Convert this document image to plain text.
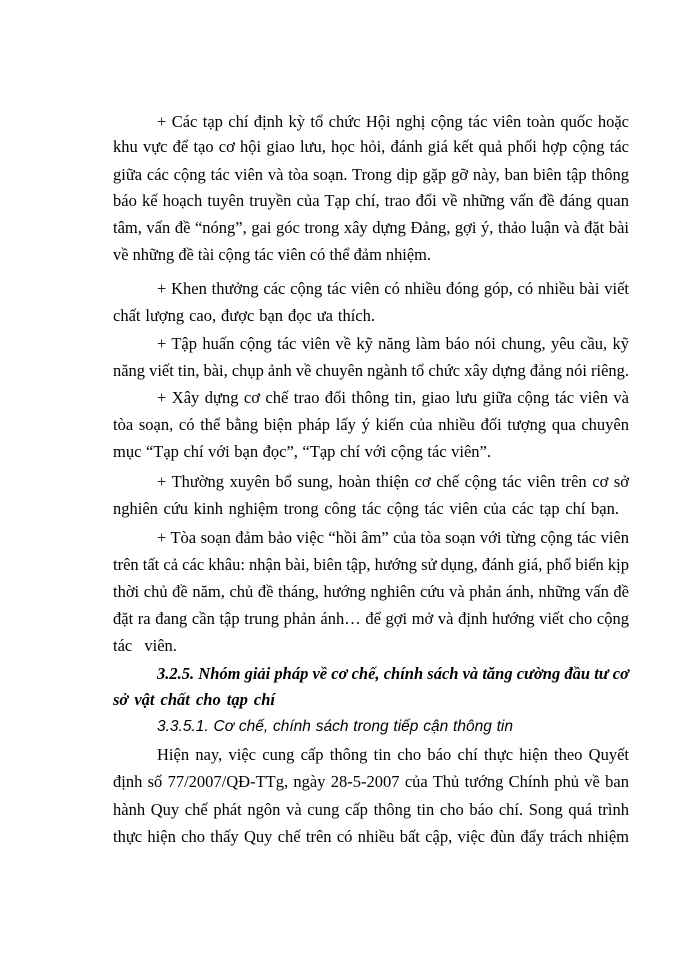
+ Các tạp chí định kỳ tổ chức Hội nghị cộng tác viên toàn quốc hoặc
khu vực để tạo cơ hội giao lưu, học hỏi, đánh giá kết quả phối hợp cộng tác
giữa các cộng tác viên và tòa soạn. Trong dịp gặp gỡ này, ban biên tập thông
báo kế hoạch tuyên truyền của Tạp chí, trao đổi về những vấn đề đáng quan
tâm, vấn đề “nóng”, gai góc trong xây dựng Đảng, gợi ý, thảo luận và đặt bài
về những đề tài cộng tác viên có thể đảm nhiệm.
+ Khen thưởng các cộng tác viên có nhiều đóng góp, có nhiều bài viết
chất lượng cao, được bạn đọc ưa thích.
+ Tập huấn cộng tác viên về kỹ năng làm báo nói chung, yêu cầu, kỹ
năng viết tin, bài, chụp ảnh về chuyên ngành tổ chức xây dựng đảng nói riêng.
+ Xây dựng cơ chế trao đổi thông tin, giao lưu giữa cộng tác viên và
tòa soạn, có thể bằng biện pháp lấy ý kiến của nhiều đối tượng qua chuyên
mục “Tạp chí với bạn đọc”, “Tạp chí với cộng tác viên”.
+ Thường xuyên bổ sung, hoàn thiện cơ chế cộng tác viên trên cơ sở
nghiên cứu kinh nghiệm trong công tác cộng tác viên của các tạp chí bạn.
+ Tòa soạn đảm bảo việc “hồi âm” của tòa soạn với từng cộng tác viên
trên tất cả các khâu: nhận bài, biên tập, hướng sử dụng, đánh giá, phổ biến kịp
thời chủ đề năm, chủ đề tháng, hướng nghiên cứu và phản ánh, những vấn đề
đặt ra đang cần tập trung phản ánh… để gợi mở và định hướng viết cho cộng
tác viên.
3.2.5. Nhóm giải pháp về cơ chế, chính sách và tăng cường đầu tư cơ
sở vật chất cho tạp chí
3.3.5.1. Cơ chế, chính sách trong tiếp cận thông tin
Hiện nay, việc cung cấp thông tin cho báo chí thực hiện theo Quyết
định số 77/2007/QĐ-TTg, ngày 28-5-2007 của Thủ tướng Chính phủ về ban
hành Quy chế phát ngôn và cung cấp thông tin cho báo chí. Song quá trình
thực hiện cho thấy Quy chế trên có nhiều bất cập, việc đùn đẩy trách nhiệm
